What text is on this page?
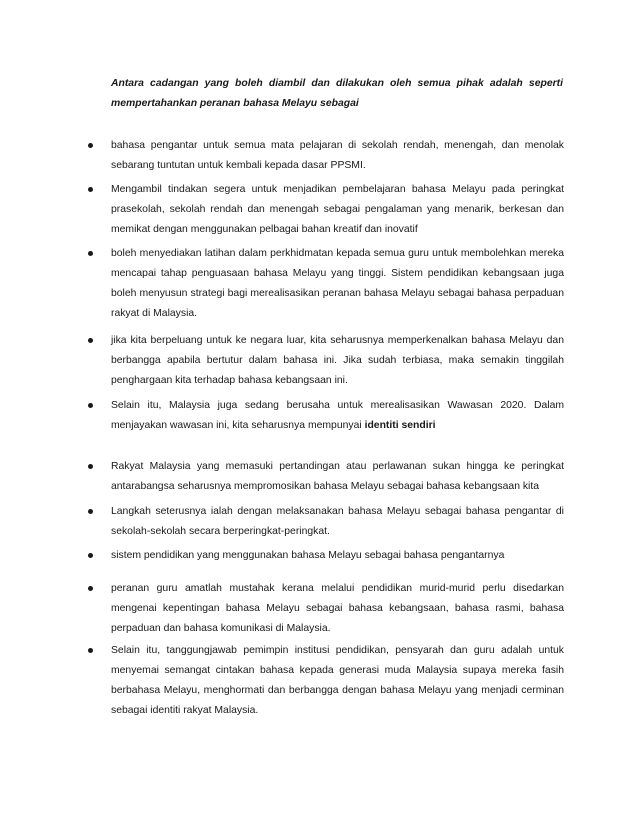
Antara cadangan yang boleh diambil dan dilakukan oleh semua pihak adalah seperti mempertahankan peranan bahasa Melayu sebagai
bahasa pengantar untuk semua mata pelajaran di sekolah rendah, menengah, dan menolak sebarang tuntutan untuk kembali kepada dasar PPSMI.
Mengambil tindakan segera untuk menjadikan pembelajaran bahasa Melayu pada peringkat prasekolah, sekolah rendah dan menengah sebagai pengalaman yang menarik, berkesan dan memikat dengan menggunakan pelbagai bahan kreatif dan inovatif
boleh menyediakan latihan dalam perkhidmatan kepada semua guru untuk membolehkan mereka mencapai tahap penguasaan bahasa Melayu yang tinggi. Sistem pendidikan kebangsaan juga boleh menyusun strategi bagi merealisasikan peranan bahasa Melayu sebagai bahasa perpaduan rakyat di Malaysia.
jika kita berpeluang untuk ke negara luar, kita seharusnya memperkenalkan bahasa Melayu dan berbangga apabila bertutur dalam bahasa ini. Jika sudah terbiasa, maka semakin tinggilah penghargaan kita terhadap bahasa kebangsaan ini.
Selain itu, Malaysia juga sedang berusaha untuk merealisasikan Wawasan 2020. Dalam menjayakan wawasan ini, kita seharusnya mempunyai identiti sendiri
Rakyat Malaysia yang memasuki pertandingan atau perlawanan sukan hingga ke peringkat antarabangsa seharusnya mempromosikan bahasa Melayu sebagai bahasa kebangsaan kita
Langkah seterusnya ialah dengan melaksanakan bahasa Melayu sebagai bahasa pengantar di sekolah-sekolah secara berperingkat-peringkat.
sistem pendidikan yang menggunakan bahasa Melayu sebagai bahasa pengantarnya
peranan guru amatlah mustahak kerana melalui pendidikan murid-murid perlu disedarkan mengenai kepentingan bahasa Melayu sebagai bahasa kebangsaan, bahasa rasmi, bahasa perpaduan dan bahasa komunikasi di Malaysia.
Selain itu, tanggungjawab pemimpin institusi pendidikan, pensyarah dan guru adalah untuk menyemai semangat cintakan bahasa kepada generasi muda Malaysia supaya mereka fasih berbahasa Melayu, menghormati dan berbangga dengan bahasa Melayu yang menjadi cerminan sebagai identiti rakyat Malaysia.
